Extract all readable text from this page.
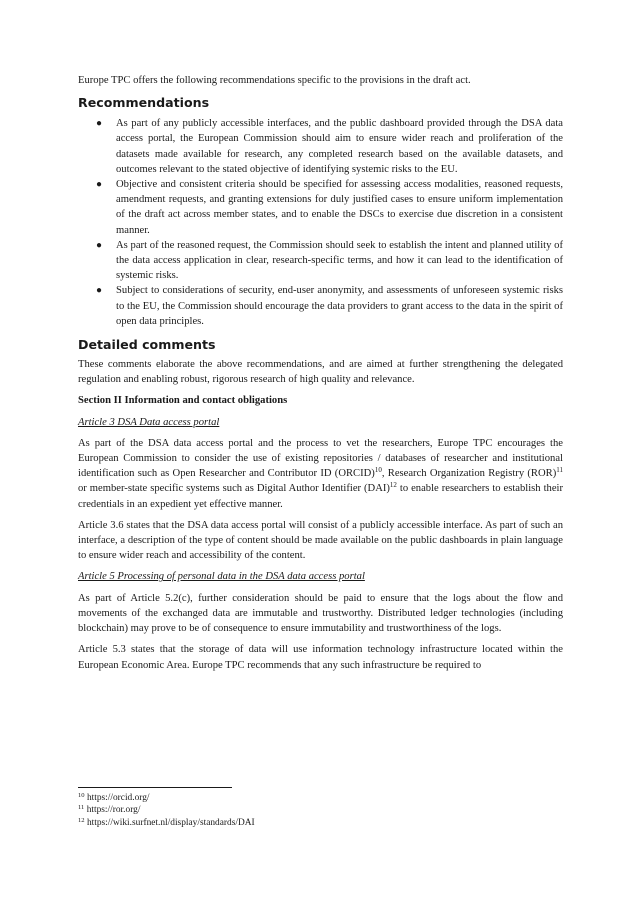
Europe TPC offers the following recommendations specific to the provisions in the draft act.

Recommendations
● As part of any publicly accessible interfaces, and the public dashboard provided through the DSA data access portal, the European Commission should aim to ensure wider reach and proliferation of the datasets made available for research, any completed research based on the available datasets, and outcomes relevant to the stated objective of identifying systemic risks to the EU.
● Objective and consistent criteria should be specified for assessing access modalities, reasoned requests, amendment requests, and granting extensions for duly justified cases to ensure uniform implementation of the draft act across member states, and to enable the DSCs to exercise due discretion in a consistent manner.
● As part of the reasoned request, the Commission should seek to establish the intent and planned utility of the data access application in clear, research-specific terms, and how it can lead to the identification of systemic risks.
● Subject to considerations of security, end-user anonymity, and assessments of unforeseen systemic risks to the EU, the Commission should encourage the data providers to grant access to the data in the spirit of open data principles.
Detailed comments

These comments elaborate the above recommendations, and are aimed at further strengthening the delegated regulation and enabling robust, rigorous research of high quality and relevance.

Section II Information and contact obligations

Article 3 DSA Data access portal

As part of the DSA data access portal and the process to vet the researchers, Europe TPC encourages the European Commission to consider the use of existing repositories / databases of researcher and institutional identification such as Open Researcher and Contributor ID (ORCID)$^{10}$, Research Organization Registry (ROR)$^{11}$ or member-state specific systems such as Digital Author Identifier (DAI)$^{12}$ to enable researchers to establish their credentials in an expedient yet effective manner.

Article 3.6 states that the DSA data access portal will consist of a publicly accessible interface. As part of such an interface, a description of the type of content should be made available on the public dashboards in plain language to ensure wider reach and accessibility of the content.

Article 5 Processing of personal data in the DSA data access portal

As part of Article 5.2(c), further consideration should be paid to ensure that the logs about the flow and movements of the exchanged data are immutable and trustworthy. Distributed ledger technologies (including blockchain) may prove to be of consequence to ensure immutability and trustworthiness of the logs.

Article 5.3 states that the storage of data will use information technology infrastructure located within the European Economic Area. Europe TPC recommends that any such infrastructure be required to

$^{10}$ https://orcid.org/
$^{11}$ https://ror.org/
$^{12}$ https://wiki.surfnet.nl/display/standards/DAI
